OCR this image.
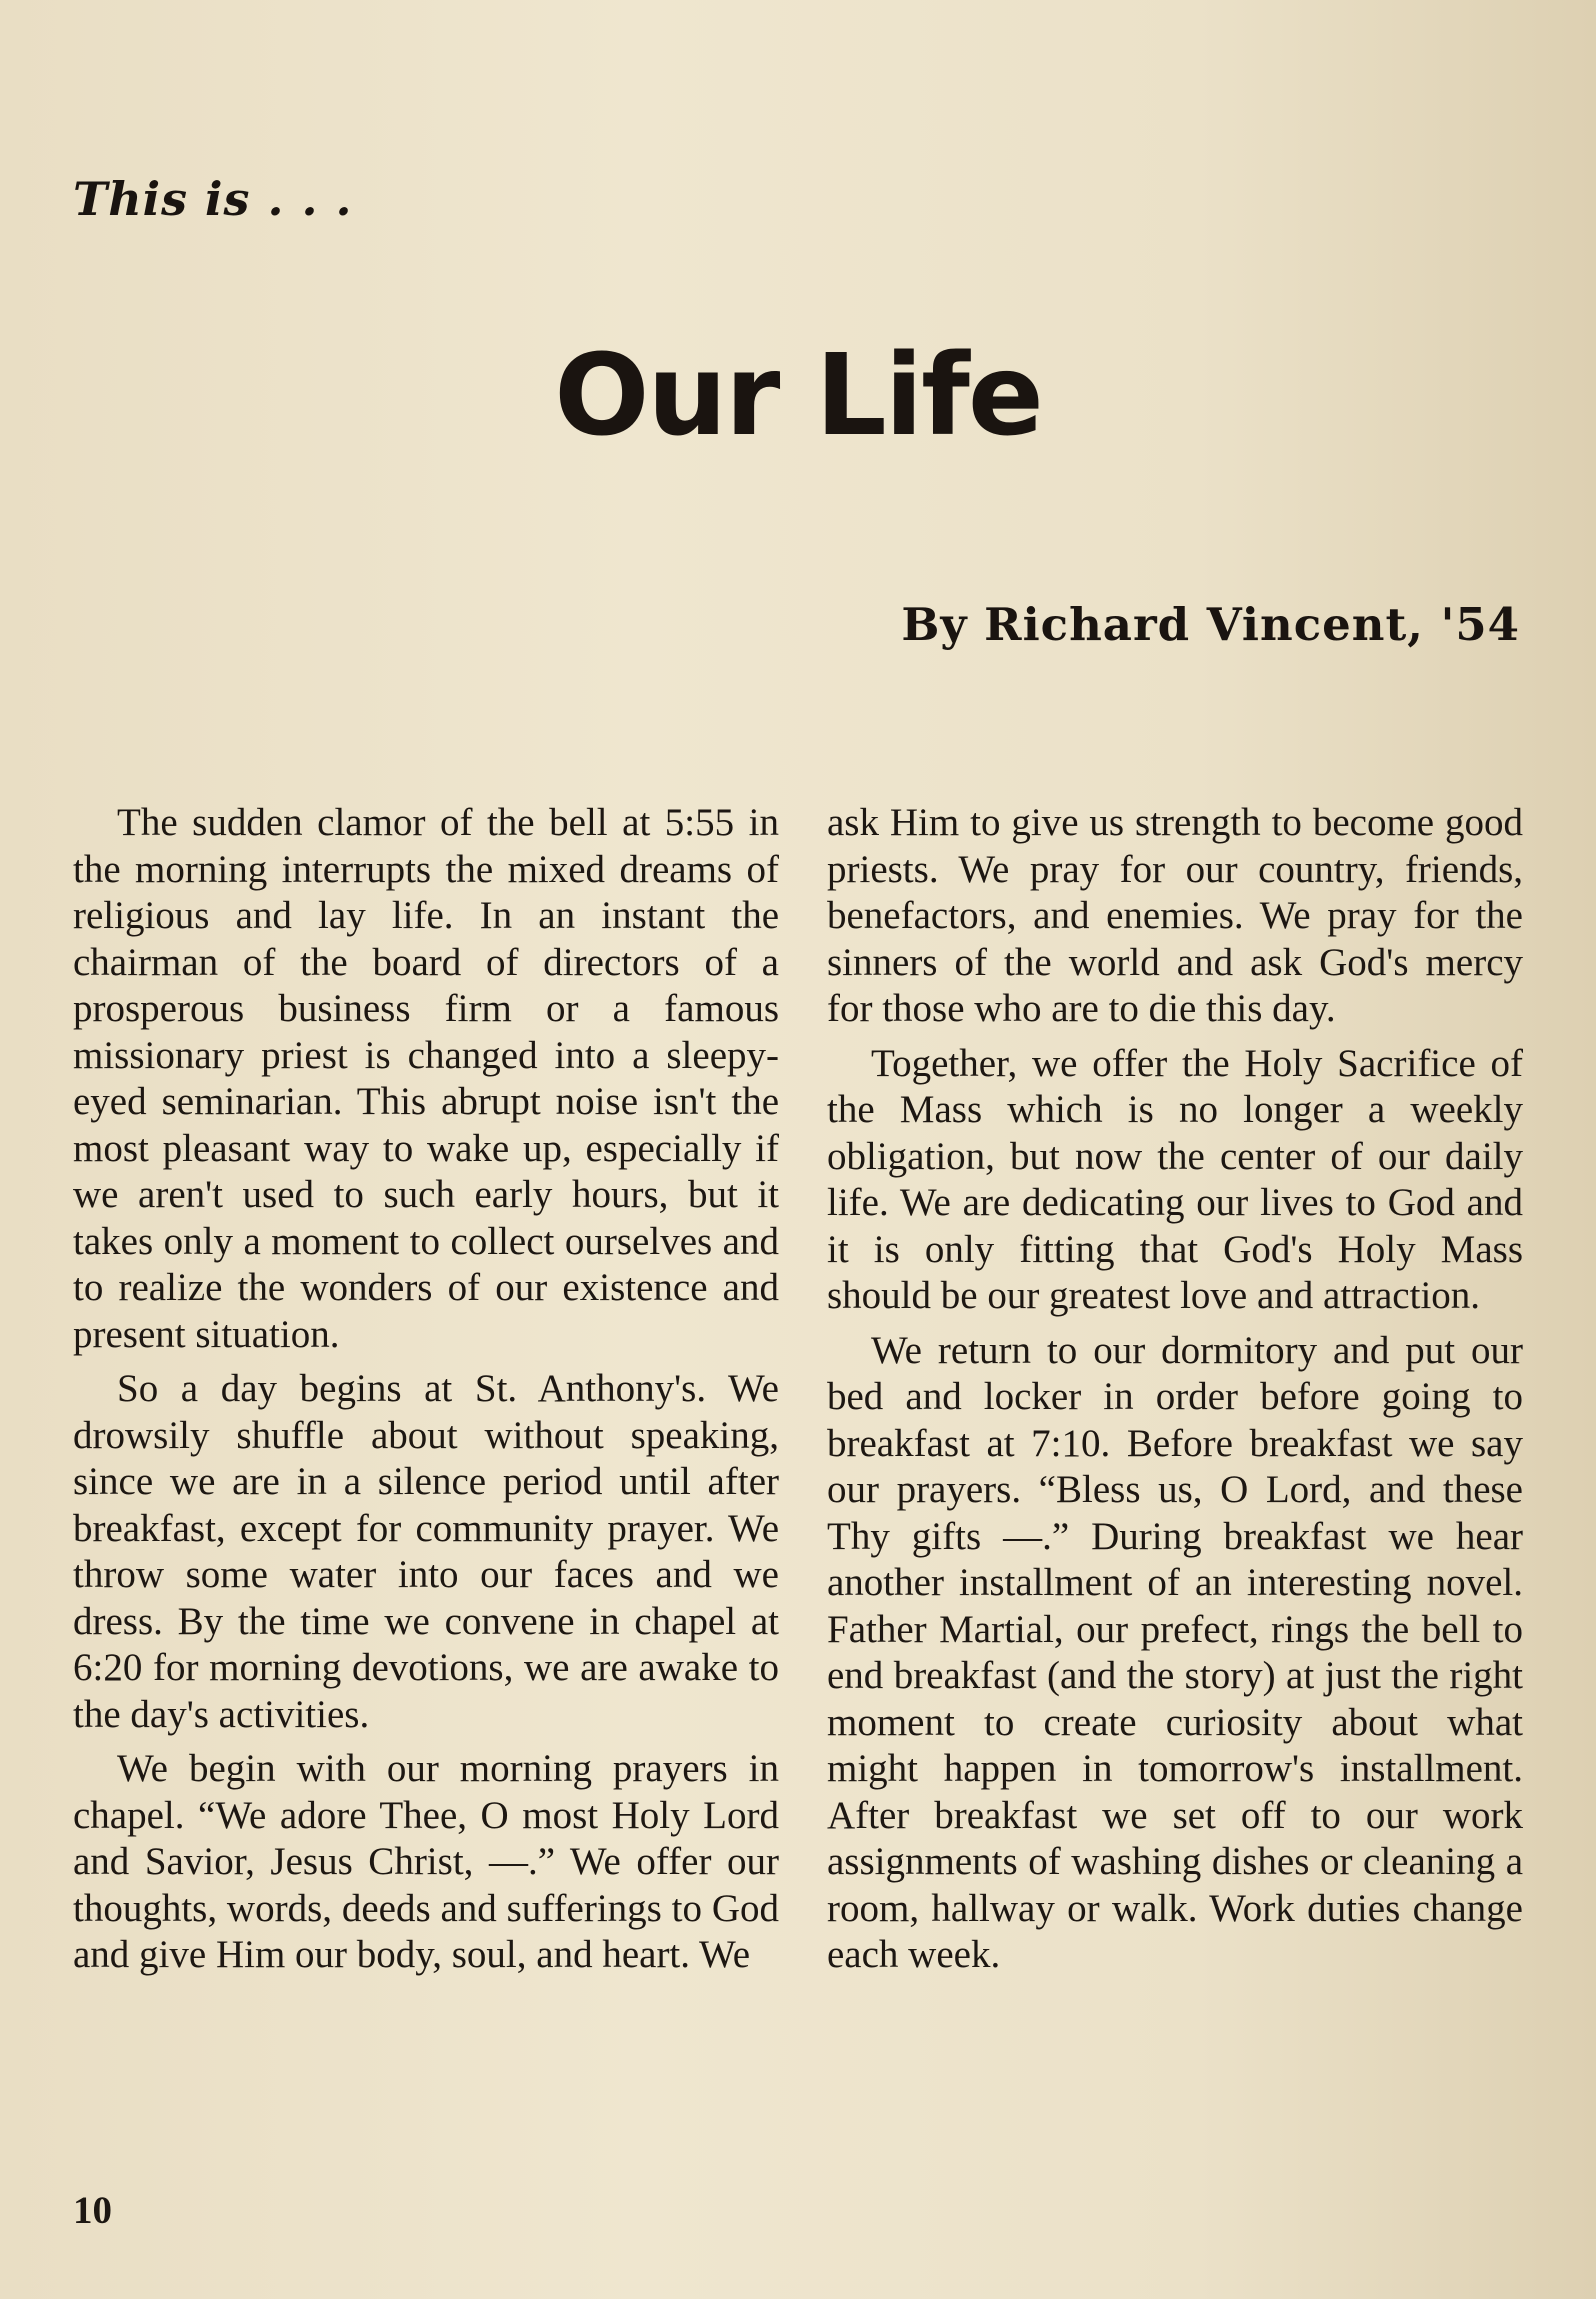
This is . . .
Our Life
By Richard Vincent, '54

The sudden clamor of the bell at 5:55 in the morning interrupts the mixed dreams of religious and lay life. In an instant the chairman of the board of directors of a prosperous business firm or a famous missionary priest is changed into a sleepy-eyed seminarian. This abrupt noise isn't the most pleasant way to wake up, especially if we aren't used to such early hours, but it takes only a moment to collect ourselves and to realize the wonders of our existence and present situation.

So a day begins at St. Anthony's. We drowsily shuffle about without speaking, since we are in a silence period until after breakfast, except for community prayer. We throw some water into our faces and we dress. By the time we convene in chapel at 6:20 for morning devotions, we are awake to the day's activities.

We begin with our morning prayers in chapel. “We adore Thee, O most Holy Lord and Savior, Jesus Christ, —.” We offer our thoughts, words, deeds and sufferings to God and give Him our body, soul, and heart. We

ask Him to give us strength to become good priests. We pray for our country, friends, benefactors, and enemies. We pray for the sinners of the world and ask God's mercy for those who are to die this day.

Together, we offer the Holy Sacrifice of the Mass which is no longer a weekly obligation, but now the center of our daily life. We are dedicating our lives to God and it is only fitting that God's Holy Mass should be our greatest love and attraction.

We return to our dormitory and put our bed and locker in order before going to breakfast at 7:10. Before breakfast we say our prayers. “Bless us, O Lord, and these Thy gifts —.” During breakfast we hear another installment of an interesting novel. Father Martial, our prefect, rings the bell to end breakfast (and the story) at just the right moment to create curiosity about what might happen in tomorrow's installment. After breakfast we set off to our work assignments of washing dishes or cleaning a room, hallway or walk. Work duties change each week.

10
